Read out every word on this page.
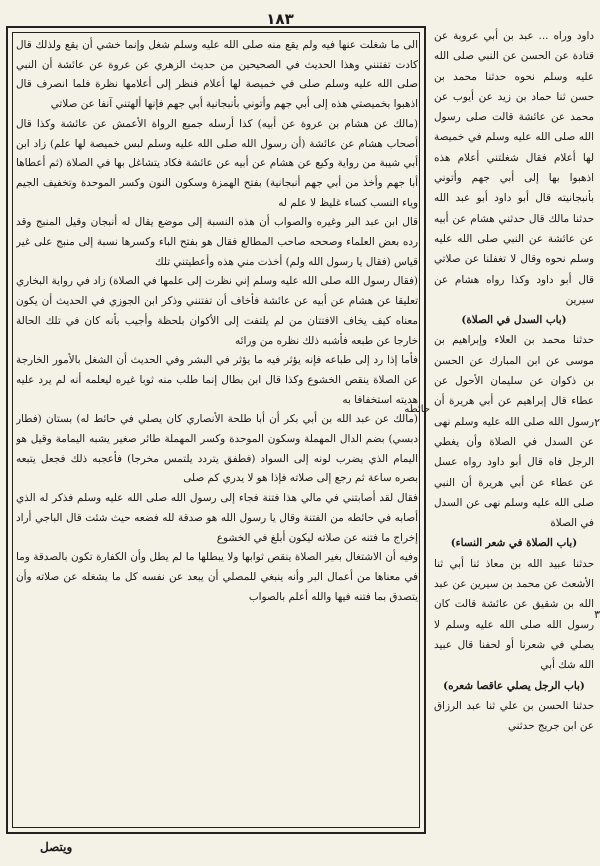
١٨٣

الى ما شغلت عنها فيه ولم يقع منه صلى الله عليه وسلم شغل وإنما خشي أن يقع ولذلك قال كادت تفتنني وهذا الحديث في الصحيحين من حديث الزهري عن عروة عن عائشة أن النبي صلى الله عليه وسلم صلى في خميصة لها أعلام فنظر إلى أعلامها نظرة فلما انصرف قال اذهبوا بخميصتي هذه إلى أبي جهم وأتوني بأنبجانية أبي جهم فإنها ألهتني آنفا عن صلاتي

(مالك عن هشام بن عروة عن أبيه) كذا أرسله جميع الرواة الأعمش عن عائشة وكذا قال أصحاب هشام عن عائشة (أن رسول الله صلى الله عليه وسلم لبس خميصة لها علم) زاد ابن أبي شيبة من رواية وكيع عن هشام عن أبيه عن عائشة فكاد يتشاغل بها في الصلاة (ثم أعطاها أبا جهم وأخذ من أبي جهم أنبجانية) بفتح الهمزة وسكون النون وكسر الموحدة وتخفيف الجيم وياء النسب كساء غليظ لا علم له

قال ابن عبد البر وغيره والصواب أن هذه النسبة إلى موضع يقال له أنبجان وقيل المنبج وقد رده بعض العلماء وصححه صاحب المطالع فقال هو بفتح الباء وكسرها نسبة إلى منبج على غير قياس (فقال يا رسول الله ولم) أخذت مني هذه وأعطيتني تلك

(فقال رسول الله صلى الله عليه وسلم إني نظرت إلى علمها في الصلاة) زاد في رواية البخاري تعليقا عن هشام عن أبيه عن عائشة فأخاف أن تفتنني وذكر ابن الجوزي في الحديث أن يكون معناه كيف يخاف الافتتان من لم يلتفت إلى الأكوان بلحظة وأجيب بأنه كان في تلك الحالة خارجا عن طبعه فأشبه ذلك نظره من ورائه

فأما إذا رد إلى طباعه فإنه يؤثر فيه ما يؤثر في البشر وفي الحديث أن الشغل بالأمور الخارجة عن الصلاة ينقص الخشوع وكذا قال ابن بطال إنما طلب منه ثوبا غيره ليعلمه أنه لم يرد عليه هديته استخفافا به

(مالك عن عبد الله بن أبي بكر أن أبا طلحة الأنصاري كان يصلي في حائط له) بستان (فطار دبسي) بضم الدال المهملة وسكون الموحدة وكسر المهملة طائر صغير يشبه اليمامة وقيل هو اليمام الذي يضرب لونه إلى السواد (فطفق يتردد يلتمس مخرجا) فأعجبه ذلك فجعل يتبعه بصره ساعة ثم رجع إلى صلاته فإذا هو لا يدري كم صلى

فقال لقد أصابتني في مالي هذا فتنة فجاء إلى رسول الله صلى الله عليه وسلم فذكر له الذي أصابه في حائطه من الفتنة وقال يا رسول الله هو صدقة لله فضعه حيث شئت قال الباجي أراد إخراج ما فتنه عن صلاته ليكون أبلغ في الخشوع

وفيه أن الاشتغال بغير الصلاة ينقص ثوابها ولا يبطلها ما لم يطل وأن الكفارة تكون بالصدقة وما في معناها من أعمال البر وأنه ينبغي للمصلي أن يبعد عن نفسه كل ما يشغله عن صلاته وأن يتصدق بما فتنه فيها والله أعلم بالصواب

داود وراه ... عبد بن أبي عروبة عن قتادة عن الحسن عن النبي صلى الله عليه وسلم نحوه حدثنا محمد بن حسن ثنا حماد بن زيد عن أيوب عن محمد عن عائشة قالت صلى رسول الله صلى الله عليه وسلم في خميصة لها أعلام فقال شغلتني أعلام هذه اذهبوا بها إلى أبي جهم وأتوني بأنبجانيته قال أبو داود أبو عبد الله حدثنا مالك قال حدثني هشام عن أبيه عن عائشة عن النبي صلى الله عليه وسلم نحوه وقال لا تغفلنا عن صلاتي قال أبو داود وكذا رواه هشام عن سيرين

(باب السدل في الصلاة)

حدثنا محمد بن العلاء وإبراهيم بن موسى عن ابن المبارك عن الحسن بن ذكوان عن سليمان الأحول عن عطاء قال إبراهيم عن أبي هريرة أن رسول الله صلى الله عليه وسلم نهى عن السدل في الصلاة وأن يغطي الرجل فاه قال أبو داود رواه عسل عن عطاء عن أبي هريرة أن النبي صلى الله عليه وسلم نهى عن السدل في الصلاة

(باب الصلاة في شعر النساء)

حدثنا عبيد الله بن معاذ ثنا أبي ثنا الأشعث عن محمد بن سيرين عن عبد الله بن شقيق عن عائشة قالت كان رسول الله صلى الله عليه وسلم لا يصلي في شعرنا أو لحفنا قال عبيد الله شك أبي

(باب الرجل يصلي عاقصا شعره)

حدثنا الحسن بن علي ثنا عبد الرزاق عن ابن جريج حدثني

٢
٣
حائطه
ويتصل
